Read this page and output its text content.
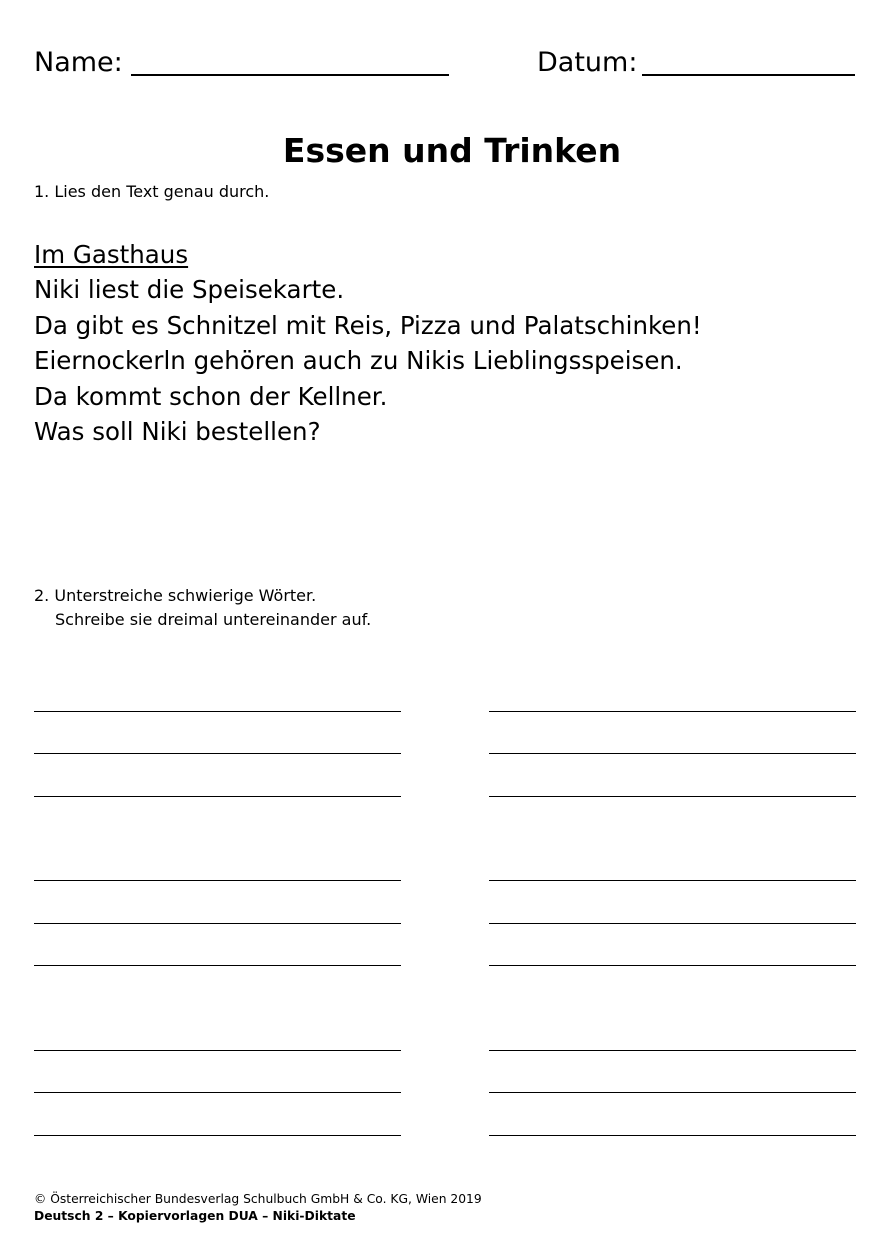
Name:	Datum:
Essen und Trinken
1. Lies den Text genau durch.
Im Gasthaus
Niki liest die Speisekarte.
Da gibt es Schnitzel mit Reis, Pizza und Palatschinken!
Eiernockerln gehören auch zu Nikis Lieblingsspeisen.
Da kommt schon der Kellner.
Was soll Niki bestellen?
2. Unterstreiche schwierige Wörter.
Schreibe sie dreimal untereinander auf.
© Österreichischer Bundesverlag Schulbuch GmbH & Co. KG, Wien 2019
Deutsch 2 – Kopiervorlagen DUA – Niki-Diktate
